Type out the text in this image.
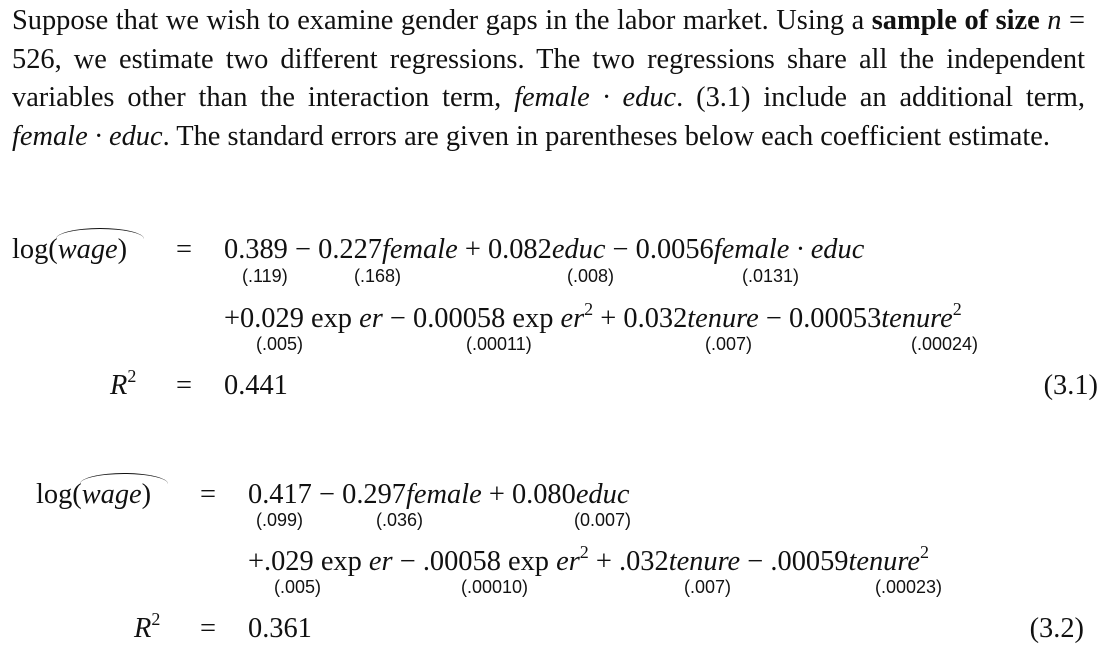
Suppose that we wish to examine gender gaps in the labor market. Using a sample of size n = 526, we estimate two different regressions. The two regressions share all the independent variables other than the interaction term, female · educ. (3.1) include an additional term, female · educ. The standard errors are given in parentheses below each coefficient estimate.
log(wage) = 0.389 − 0.227female + 0.082educ − 0.0056female · educ
(.119)	(.168)	(.008)	(.0131)
+0.029 exp er − 0.00058 $\exp er^2$ + 0.032tenure − 0.00053tenure$^2$
(.005)	(.00011)	(.007)	(.00024)
$R^2 = 0.441$	(3.1)
log(wage) = 0.417 − 0.297female + 0.080educ
(.099)	(.036)	(0.007)
+.029 exp er − .00058 $\exp er^2$ + .032tenure − .00059tenure$^2$
(.005)	(.00010)	(.007)	(.00023)
$R^2 = 0.361$	(3.2)
